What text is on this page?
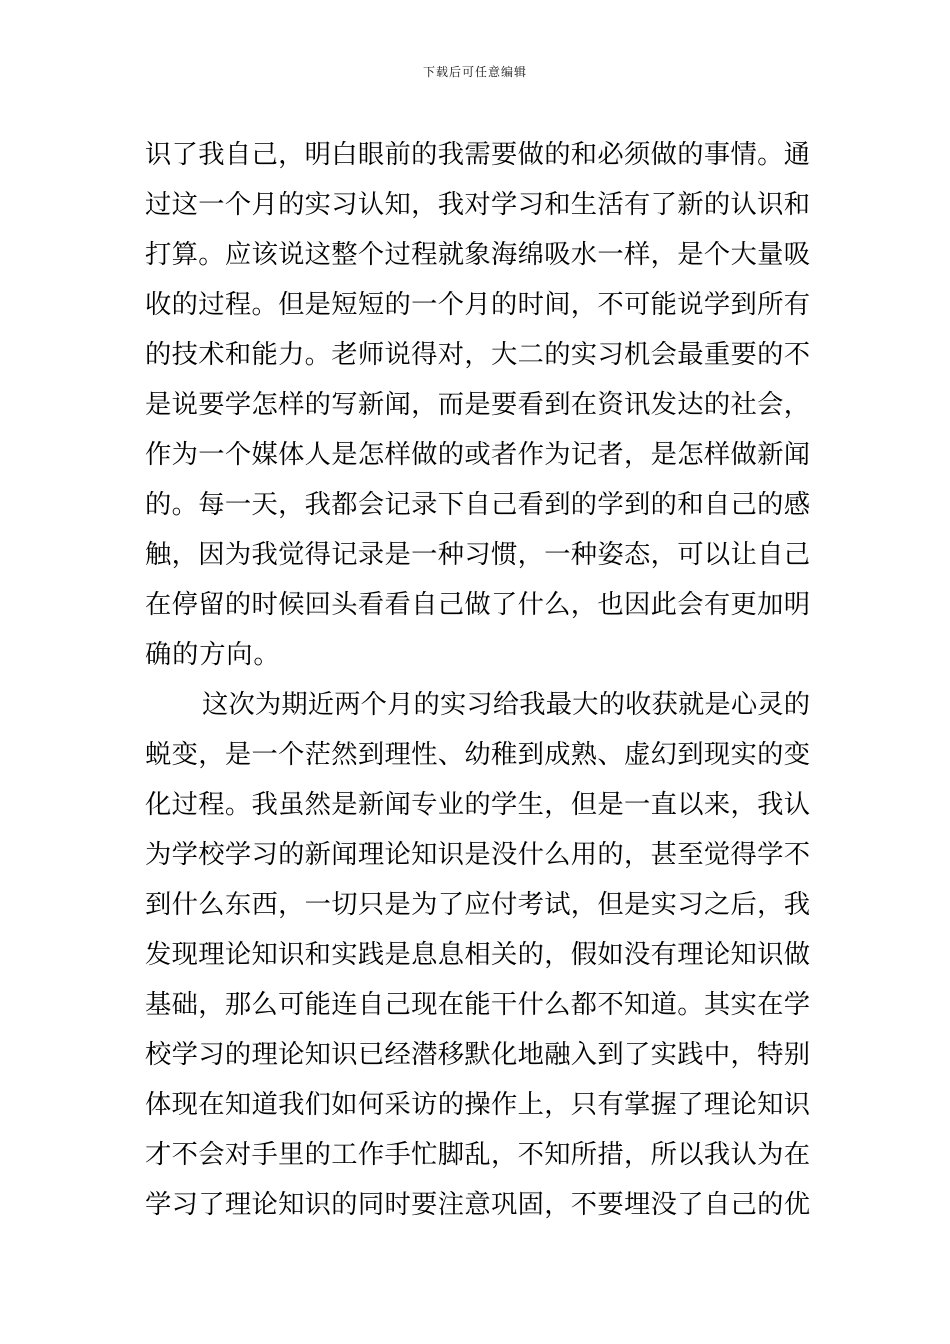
下载后可任意编辑
识了我自己，明白眼前的我需要做的和必须做的事情。通
过这一个月的实习认知，我对学习和生活有了新的认识和
打算。应该说这整个过程就象海绵吸水一样，是个大量吸
收的过程。但是短短的一个月的时间，不可能说学到所有
的技术和能力。老师说得对，大二的实习机会最重要的不
是说要学怎样的写新闻，而是要看到在资讯发达的社会，
作为一个媒体人是怎样做的或者作为记者，是怎样做新闻
的。每一天，我都会记录下自己看到的学到的和自己的感
触，因为我觉得记录是一种习惯，一种姿态，可以让自己
在停留的时候回头看看自己做了什么，也因此会有更加明
确的方向。
这次为期近两个月的实习给我最大的收获就是心灵的
蜕变，是一个茫然到理性、幼稚到成熟、虚幻到现实的变
化过程。我虽然是新闻专业的学生，但是一直以来，我认
为学校学习的新闻理论知识是没什么用的，甚至觉得学不
到什么东西，一切只是为了应付考试，但是实习之后，我
发现理论知识和实践是息息相关的，假如没有理论知识做
基础，那么可能连自己现在能干什么都不知道。其实在学
校学习的理论知识已经潜移默化地融入到了实践中，特别
体现在知道我们如何采访的操作上，只有掌握了理论知识
才不会对手里的工作手忙脚乱，不知所措，所以我认为在
学习了理论知识的同时要注意巩固，不要埋没了自己的优
